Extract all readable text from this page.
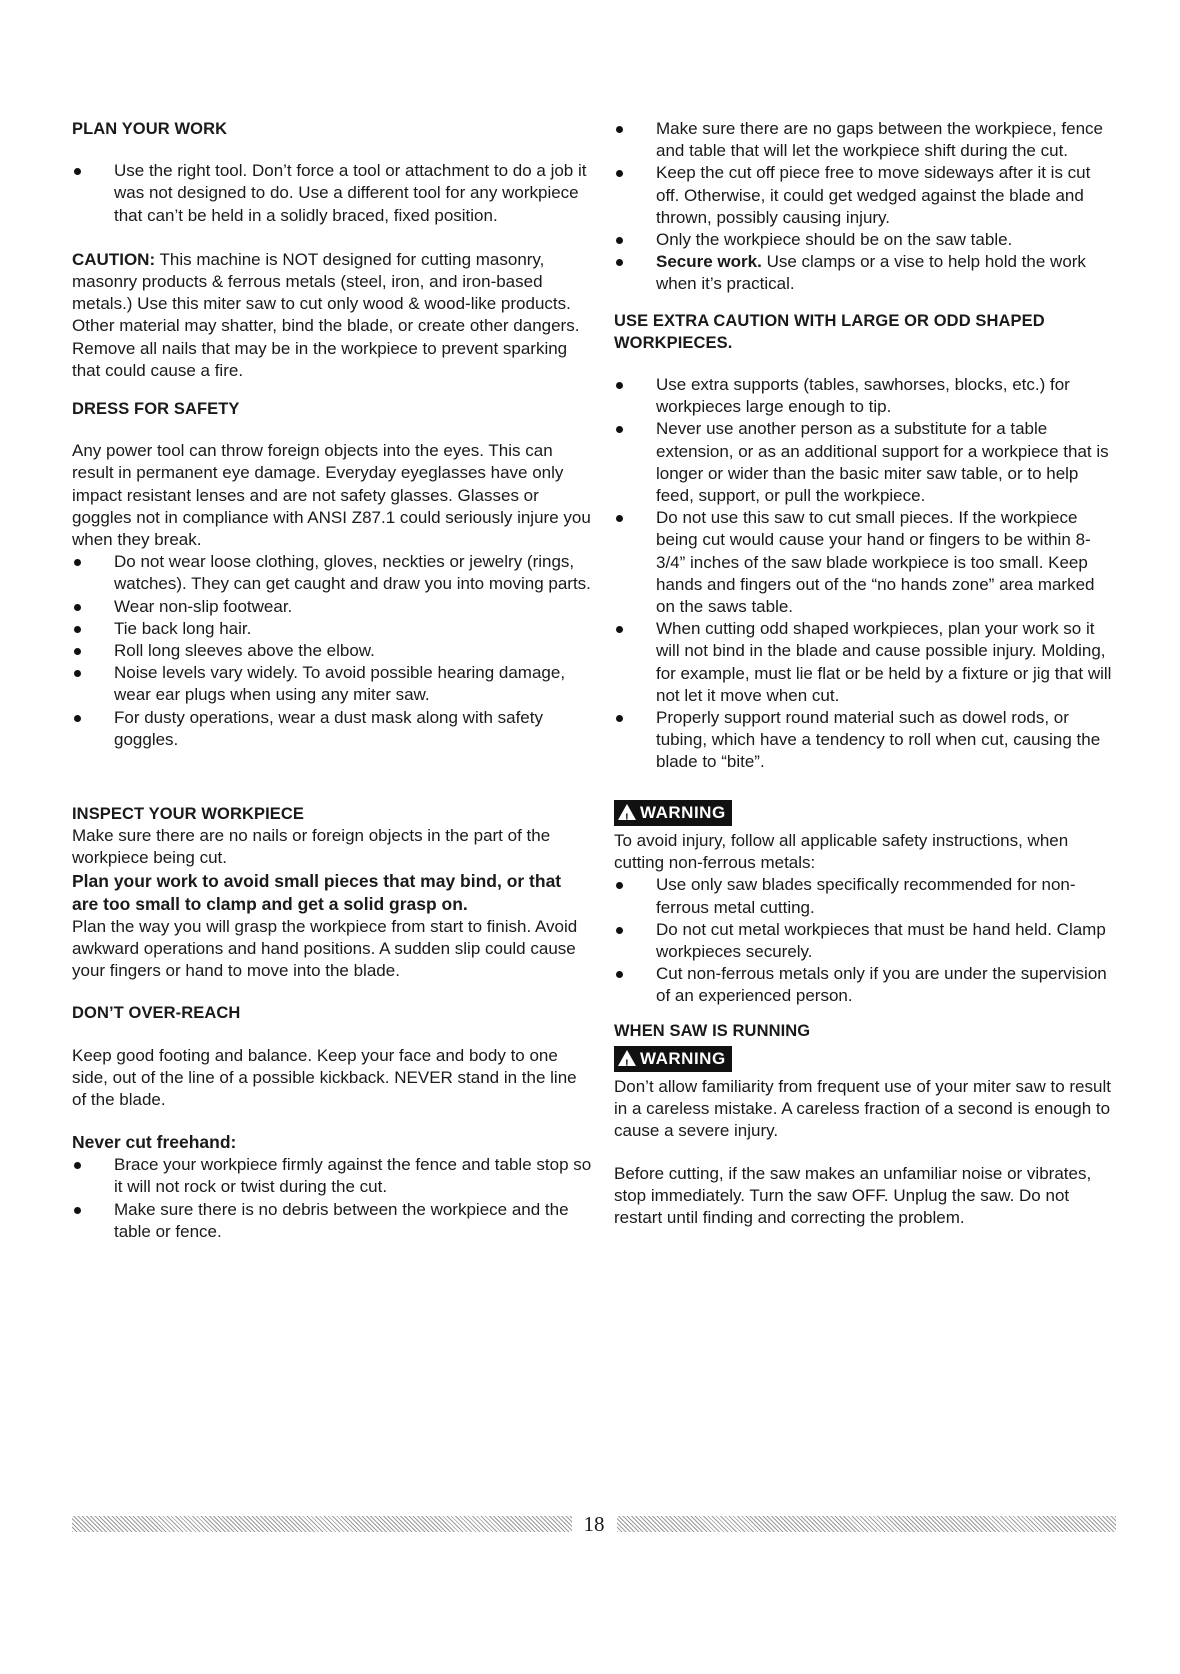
PLAN YOUR WORK
Use the right tool. Don’t force a tool or attachment to do a job it was not designed to do. Use a different tool for any workpiece that can’t be held in a solidly braced, fixed position.

CAUTION: This machine is NOT designed for cutting masonry, masonry products & ferrous metals (steel, iron, and iron-based metals.) Use this miter saw to cut only wood & wood-like products. Other material may shatter, bind the blade, or create other dangers. Remove all nails that may be in the workpiece to prevent sparking that could cause a fire.

DRESS FOR SAFETY

Any power tool can throw foreign objects into the eyes. This can result in permanent eye damage. Everyday eyeglasses have only impact resistant lenses and are not safety glasses. Glasses or goggles not in compliance with ANSI Z87.1 could seriously injure you when they break.

Do not wear loose clothing, gloves, neckties or jewelry (rings, watches). They can get caught and draw you into moving parts.
Wear non-slip footwear.
Tie back long hair.
Roll long sleeves above the elbow.
Noise levels vary widely. To avoid possible hearing damage, wear ear plugs when using any miter saw.
For dusty operations, wear a dust mask along with safety goggles.
INSPECT YOUR WORKPIECE

Make sure there are no nails or foreign objects in the part of the workpiece being cut.

Plan your work to avoid small pieces that may bind, or that are too small to clamp and get a solid grasp on.

Plan the way you will grasp the workpiece from start to finish. Avoid awkward operations and hand positions. A sudden slip could cause your fingers or hand to move into the blade.

DON’T OVER-REACH

Keep good footing and balance. Keep your face and body to one side, out of the line of a possible kickback. NEVER stand in the line of the blade.

Never cut freehand:
Brace your workpiece firmly against the fence and table stop so it will not rock or twist during the cut.
Make sure there is no debris between the workpiece and the table or fence.
Make sure there are no gaps between the workpiece, fence and table that will let the workpiece shift during the cut.
Keep the cut off piece free to move sideways after it is cut off. Otherwise, it could get wedged against the blade and thrown, possibly causing injury.
Only the workpiece should be on the saw table.
Secure work. Use clamps or a vise to help hold the work when it’s practical.
USE EXTRA CAUTION WITH LARGE OR ODD SHAPED WORKPIECES.
Use extra supports (tables, sawhorses, blocks, etc.) for workpieces large enough to tip.
Never use another person as a substitute for a table extension, or as an additional support for a workpiece that is longer or wider than the basic miter saw table, or to help feed, support, or pull the workpiece.
Do not use this saw to cut small pieces. If the workpiece being cut would cause your hand or fingers to be within 8-3/4” inches of the saw blade workpiece is too small. Keep hands and fingers out of the “no hands zone” area marked on the saws table.
When cutting odd shaped workpieces, plan your work so it will not bind in the blade and cause possible injury. Molding, for example, must lie flat or be held by a fixture or jig that will not let it move when cut.
Properly support round material such as dowel rods, or tubing, which have a tendency to roll when cut, causing the blade to “bite”.
! WARNING

To avoid injury, follow all applicable safety instructions, when cutting non-ferrous metals:

Use only saw blades specifically recommended for non-ferrous metal cutting.
Do not cut metal workpieces that must be hand held. Clamp workpieces securely.
Cut non-ferrous metals only if you are under the supervision of an experienced person.
WHEN SAW IS RUNNING
! WARNING

Don’t allow familiarity from frequent use of your miter saw to result in a careless mistake. A careless fraction of a second is enough to cause a severe injury.

Before cutting, if the saw makes an unfamiliar noise or vibrates, stop immediately. Turn the saw OFF. Unplug the saw. Do not restart until finding and correcting the problem.

18
